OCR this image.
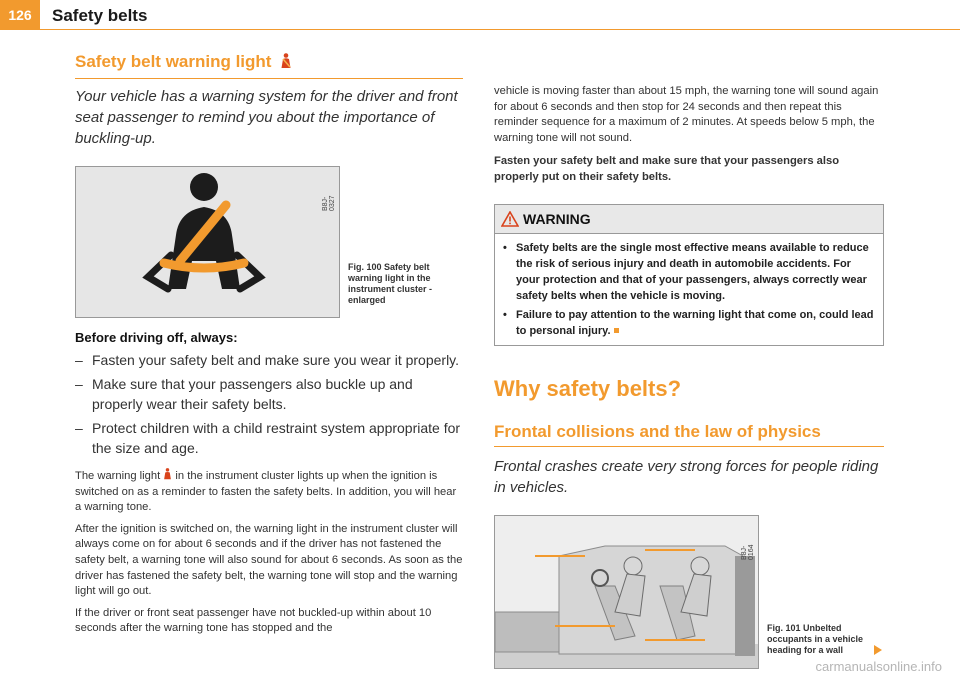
126	Safety belts
Safety belt warning light
Your vehicle has a warning system for the driver and front seat passenger to remind you about the importance of buckling-up.
B8J-0327
Fig. 100 Safety belt warning light in the instrument cluster - enlarged
Before driving off, always:
– Fasten your safety belt and make sure you wear it properly.
– Make sure that your passengers also buckle up and properly wear their safety belts.
– Protect children with a child restraint system appropriate for the size and age.

The warning light in the instrument cluster lights up when the ignition is switched on as a reminder to fasten the safety belts. In addition, you will hear a warning tone.

After the ignition is switched on, the warning light in the instrument cluster will always come on for about 6 seconds and if the driver has not fastened the safety belt, a warning tone will also sound for about 6 seconds. As soon as the driver has fastened the safety belt, the warning tone will stop and the warning light will go out.

If the driver or front seat passenger have not buckled-up within about 10 seconds after the warning tone has stopped and the

vehicle is moving faster than about 15 mph, the warning tone will sound again for about 6 seconds and then stop for 24 seconds and then repeat this reminder sequence for a maximum of 2 minutes. At speeds below 5 mph, the warning tone will not sound.

Fasten your safety belt and make sure that your passengers also properly put on their safety belts.

WARNING
• Safety belts are the single most effective means available to reduce the risk of serious injury and death in automobile accidents. For your protection and that of your passengers, always correctly wear safety belts when the vehicle is moving.
• Failure to pay attention to the warning light that come on, could lead to personal injury.
Why safety belts?
Frontal collisions and the law of physics
Frontal crashes create very strong forces for people riding in vehicles.
B8J-0164
Fig. 101 Unbelted occupants in a vehicle heading for a wall
carmanualsonline.info
